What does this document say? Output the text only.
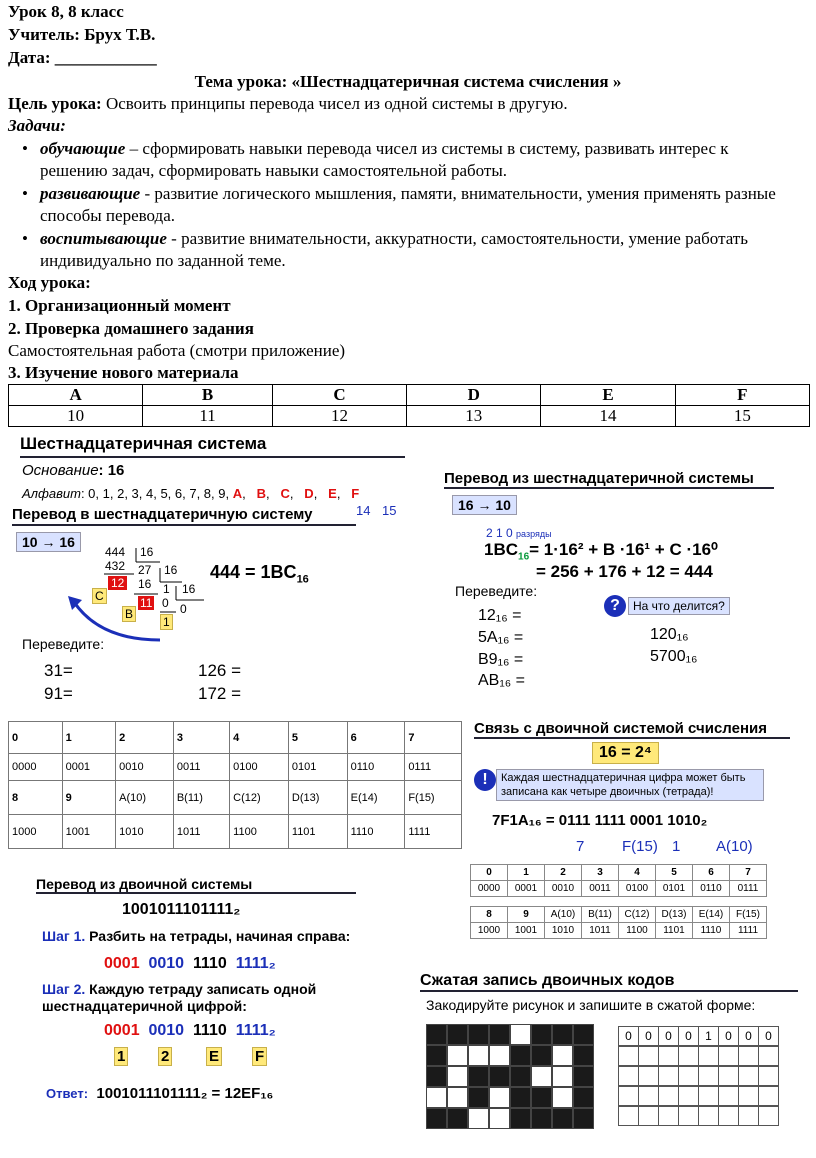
Урок 8, 8 класс
Учитель: Брух Т.В.
Дата: ____________
Тема урока: «Шестнадцатеричная система счисления »
Цель урока: Освоить принципы перевода чисел из одной системы в другую.
Задачи:
• обучающие – сформировать навыки перевода чисел из системы в систему, развивать интерес к решению задач, сформировать навыки самостоятельной работы.
• развивающие - развитие логического мышления, памяти, внимательности, умения применять разные способы перевода.
• воспитывающие - развитие внимательности, аккуратности, самостоятельности, умение работать индивидуально по заданной теме.
Ход урока:
1. Организационный момент
2. Проверка домашнего задания
Самостоятельная работа (смотри приложение)
3. Изучение нового материала
A	B	C	D	E	F
10	11	12	13	14	15
Шестнадцатеричная система
Основание: 16
Алфавит: 0, 1, 2, 3, 4, 5, 6, 7, 8, 9, A,   B,   C,   D,   E,   F
14 15
Перевод в шестнадцатеричную систему
10 → 16
444 16
432 27 16
12 16 1 16
11 0 0
1
C
B
$444 = 1BC_{16}$
Переведите:
31=	126 =
91=	172 =
Перевод из шестнадцатеричной системы
16 → 10
2 1 0 разряды
$1BC_{16}= 1\cdot 16^2 + B \cdot 16^1 + C \cdot 16^0$
= 256 + 176 + 12 = 444
Переведите:
12₁₆ =
5A₁₆ =
B9₁₆ =
AB₁₆ =
?	На что делится?
120₁₆
5700₁₆
0	1	2	3	4	5	6	7
0000	0001	0010	0011	0100	0101	0110	0111
8	9	A(10)	B(11)	C(12)	D(13)	E(14)	F(15)
1000	1001	1010	1011	1100	1101	1110	1111
Связь с двоичной системой счисления
16 = 2⁴
!	Каждая шестнадцатеричная цифра может быть записана как четыре двоичных (тетрада)!
7F1A₁₆ = 0111 1111 0001 1010₂
7	F(15) 1 A(10)
0	1	2	3	4	5	6	7
0000	0001	0010	0011	0100	0101	0110	0111
8	9	A(10)	B(11)	C(12)	D(13)	E(14)	F(15)
1000	1001	1010	1011	1100	1101	1110	1111
Перевод из двоичной системы
1001011101111₂
Шаг 1. Разбить на тетрады, начиная справа:
0001 0010 1110 1111₂
Шаг 2. Каждую тетраду записать одной шестнадцатеричной цифрой:
0001 0010 1110 1111₂
1 2	E F
Ответ: 1001011101111₂ = 12EF₁₆
Сжатая запись двоичных кодов
Закодируйте рисунок и запишите в сжатой форме:
0	0	0	0	1	0	0	0
